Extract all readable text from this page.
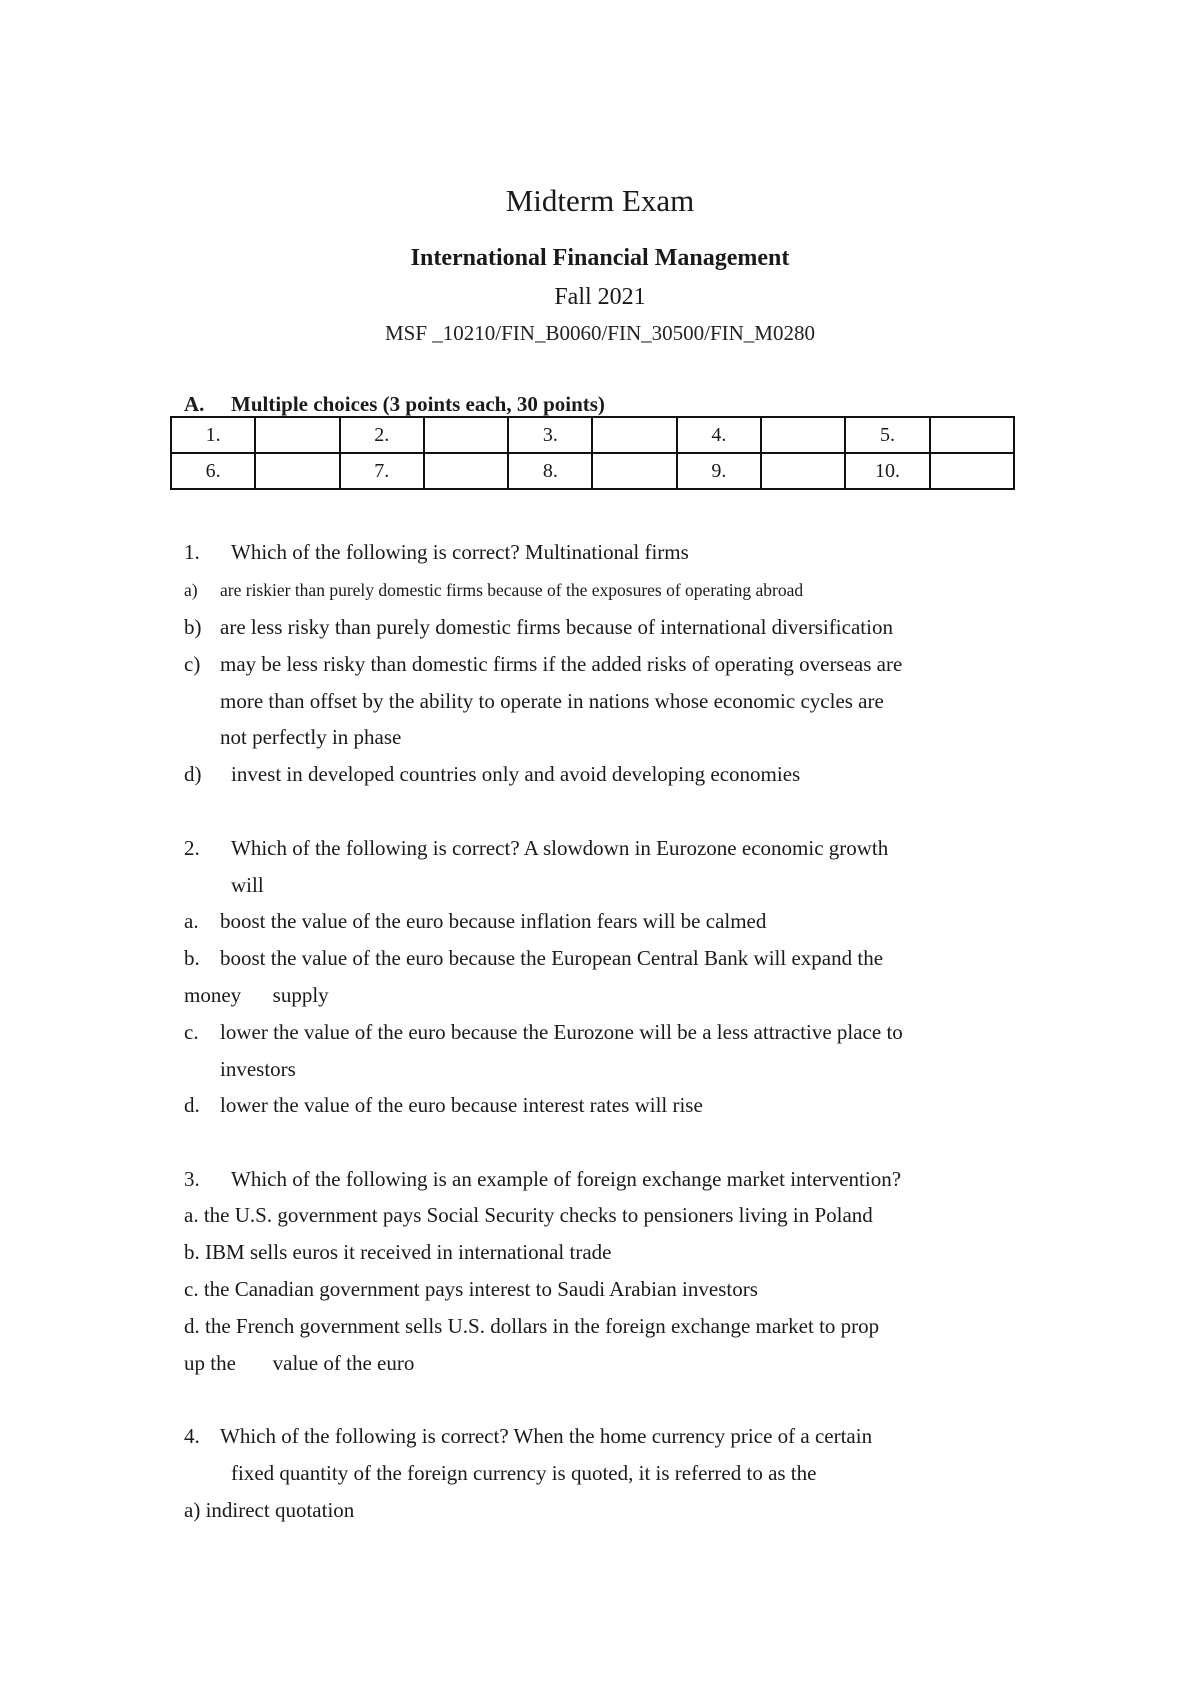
Midterm Exam
International Financial Management
Fall 2021
MSF _10210/FIN_B0060/FIN_30500/FIN_M0280
A. Multiple choices (3 points each, 30 points)
1.		2.		3.		4.		5.	
6.		7.		8.		9.		10.	
1. Which of the following is correct? Multinational firms
a) are riskier than purely domestic firms because of the exposures of operating abroad
b) are less risky than purely domestic firms because of international diversification
c) may be less risky than domestic firms if the added risks of operating overseas are
more than offset by the ability to operate in nations whose economic cycles are
not perfectly in phase
d) invest in developed countries only and avoid developing economies
2. Which of the following is correct? A slowdown in Eurozone economic growth
will
a. boost the value of the euro because inflation fears will be calmed
b. boost the value of the euro because the European Central Bank will expand the
money      supply
c. lower the value of the euro because the Eurozone will be a less attractive place to
investors
d. lower the value of the euro because interest rates will rise
3. Which of the following is an example of foreign exchange market intervention?
a. the U.S. government pays Social Security checks to pensioners living in Poland
b. IBM sells euros it received in international trade
c. the Canadian government pays interest to Saudi Arabian investors
d. the French government sells U.S. dollars in the foreign exchange market to prop
up the       value of the euro
4. Which of the following is correct? When the home currency price of a certain
fixed quantity of the foreign currency is quoted, it is referred to as the
a) indirect quotation
